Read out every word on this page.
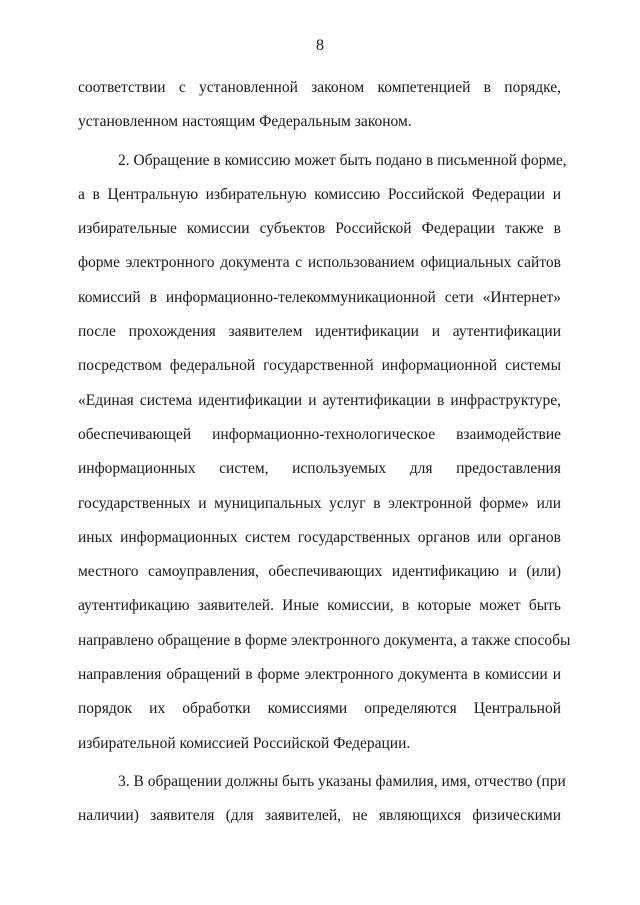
8
соответствии с установленной законом компетенцией в порядке,
установленном настоящим Федеральным законом.
2. Обращение в комиссию может быть подано в письменной форме,
а в Центральную избирательную комиссию Российской Федерации и
избирательные комиссии субъектов Российской Федерации также в
форме электронного документа с использованием официальных сайтов
комиссий в информационно-телекоммуникационной сети «Интернет»
после прохождения заявителем идентификации и аутентификации
посредством федеральной государственной информационной системы
«Единая система идентификации и аутентификации в инфраструктуре,
обеспечивающей информационно-технологическое взаимодействие
информационных систем, используемых для предоставления
государственных и муниципальных услуг в электронной форме» или
иных информационных систем государственных органов или органов
местного самоуправления, обеспечивающих идентификацию и (или)
аутентификацию заявителей. Иные комиссии, в которые может быть
направлено обращение в форме электронного документа, а также способы
направления обращений в форме электронного документа в комиссии и
порядок их обработки комиссиями определяются Центральной
избирательной комиссией Российской Федерации.
3. В обращении должны быть указаны фамилия, имя, отчество (при
наличии) заявителя (для заявителей, не являющихся физическими
